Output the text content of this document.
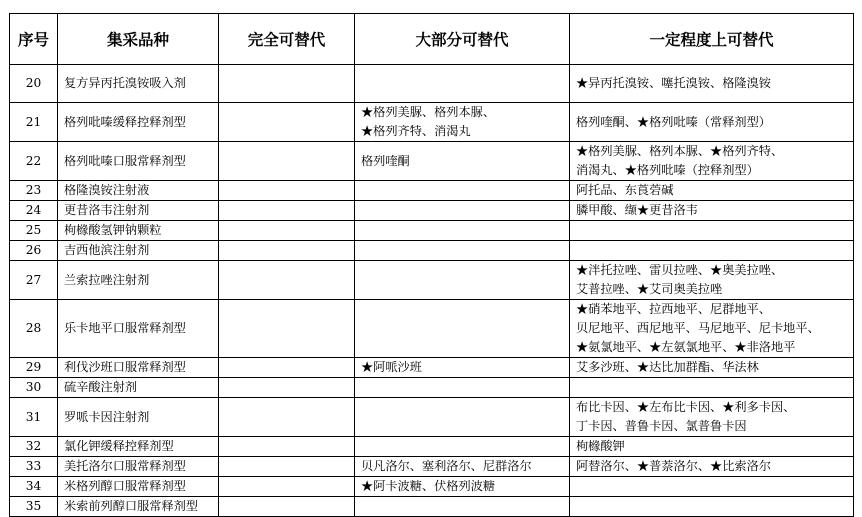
序号	集采品种	完全可替代	大部分可替代	一定程度上可替代
20	复方异丙托溴铵吸入剂			★异丙托溴铵、噻托溴铵、格隆溴铵

21	格列吡嗪缓释控释剂型		★格列美脲、格列本脲、
★格列齐特、消渴丸	格列喹酮、★格列吡嗪（常释剂型）

22	格列吡嗪口服常释剂型		格列喹酮	★格列美脲、格列本脲、★格列齐特、
消渴丸、★格列吡嗪（控释剂型）

23	格隆溴铵注射液			阿托品、东莨菪碱

24	更昔洛韦注射剂			膦甲酸、缬★更昔洛韦

25	枸橼酸氢钾钠颗粒			
26	吉西他滨注射剂			
27	兰索拉唑注射剂			★泮托拉唑、雷贝拉唑、★奥美拉唑、
艾普拉唑、★艾司奥美拉唑

28	乐卡地平口服常释剂型			★硝苯地平、拉西地平、尼群地平、
贝尼地平、西尼地平、马尼地平、尼卡地平、
★氨氯地平、★左氨氯地平、★非洛地平

29	利伐沙班口服常释剂型		★阿哌沙班	艾多沙班、★达比加群酯、华法林

30	硫辛酸注射剂			
31	罗哌卡因注射剂			布比卡因、★左布比卡因、★利多卡因、
丁卡因、普鲁卡因、氯普鲁卡因

32	氯化钾缓释控释剂型			枸橼酸钾

33	美托洛尔口服常释剂型		贝凡洛尔、塞利洛尔、尼群洛尔	阿替洛尔、★普萘洛尔、★比索洛尔

34	米格列醇口服常释剂型		★阿卡波糖、伏格列波糖	

35	米索前列醇口服常释剂型			
